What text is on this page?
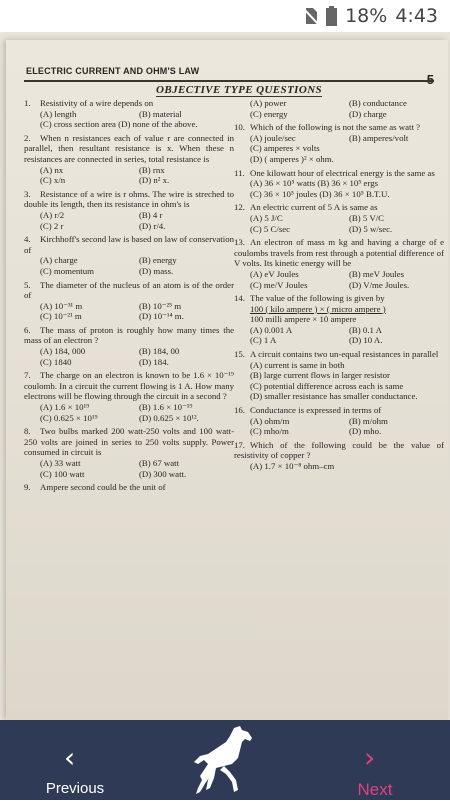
18% 4:43
ELECTRIC CURRENT AND OHM'S LAW
OBJECTIVE TYPE QUESTIONS
1. Resistivity of a wire depends on
(A) length	(B) material
(C) cross section area (D) none of the above.
2. When n resistances each of value r are connected in parallel, then resultant resistance is x. When these n resistances are connected in series, total resistance is
(A) nx	(B) rnx
(C) x/n	(D) n² x.
3. Resistance of a wire is r ohms. The wire is streched to double its length, then its resistance in ohm's is
(A) r/2	(B) 4 r
(C) 2 r	(D) r/4.
4. Kirchhoff's second law is based on law of conservation of
(A) charge	(B) energy
(C) momentum	(D) mass.
5. The diameter of the nucleus of an atom is of the order of
(A) 10⁻³¹ m	(B) 10⁻²⁵ m
(C) 10⁻²¹ m	(D) 10⁻¹⁴ m.
6. The mass of proton is roughly how many times the mass of an electron ?
(A) 184, 000	(B) 184, 00
(C) 1840	(D) 184.
7. The charge on an electron is known to be 1.6 × 10⁻¹⁹ coulomb. In a circuit the current flowing is 1 A. How many electrons will be flowing through the circuit in a second ?
(A) 1.6 × 10¹⁹	(B) 1.6 × 10⁻¹⁹
(C) 0.625 × 10¹⁹	(D) 0.625 × 10¹².
8. Two bulbs marked 200 watt-250 volts and 100 watt-250 volts are joined in series to 250 volts supply. Power consumed in circuit is
(A) 33 watt	(B) 67 watt
(C) 100 watt	(D) 300 watt.
9. Ampere second could be the unit of
(A) power	(B) conductance
(C) energy	(D) charge
10. Which of the following is not the same as watt ?
(A) joule/sec	(B) amperes/volt
(C) amperes × volts
(D) ( amperes )² × ohm.
11. One kilowatt hour of electrical energy is the same as
(A) 36 × 10⁵ watts (B) 36 × 10⁵ ergs
(C) 36 × 10⁵ joules (D) 36 × 10⁵ B.T.U.
12. An electric current of 5 A is same as
(A) 5 J/C	(B) 5 V/C
(C) 5 C/sec	(D) 5 w/sec.
13. An electron of mass m kg and having a charge of e coulombs travels from rest through a potential difference of V volts. Its kinetic energy will be
(A) eV Joules	(B) meV Joules
(C) me/V Joules	(D) V/me Joules.
14. The value of the following is given by
100 ( kilo ampere ) × ( micro ampere )
100 milli ampere × 10 ampere
(A) 0.001 A	(B) 0.1 A
(C) 1 A	(D) 10 A.
15. A circuit contains two un-equal resistances in parallel
(A) current is same in both
(B) large current flows in larger resistor
(C) potential difference across each is same
(D) smaller resistance has smaller conductance.
16. Conductance is expressed in terms of
(A) ohm/m	(B) m/ohm
(C) mho/m	(D) mho.
17. Which of the following could be the value of resistivity of copper ?
(A) 1.7 × 10⁻⁸ ohm–cm
‹
Previous
›
Next
